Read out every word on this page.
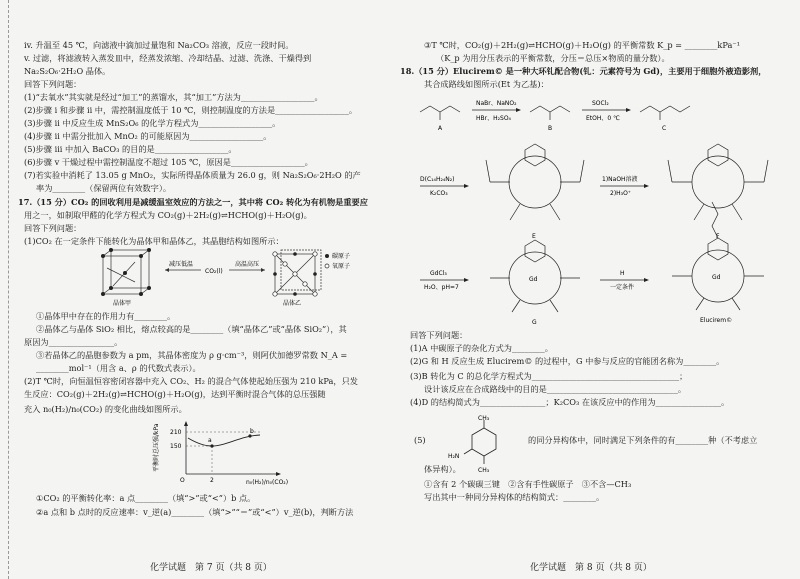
iv. 升温至 45 ℃，向滤液中滴加过量饱和 Na₂CO₃ 溶液，反应一段时间。
v. 过滤，将滤液转入蒸发皿中，经蒸发浓缩、冷却结晶、过滤、洗涤、干燥得到
Na₂S₂O₆·2H₂O 晶体。
回答下列问题：
(1)“去氧水”其实就是经过“加工”的蒸馏水，其“加工”方法为__________________。
(2)步骤 i 和步骤 ii 中，需控制温度低于 10 ℃，则控制温度的方法是__________________。
(3)步骤 ii 中反应生成 MnS₂O₆ 的化学方程式为__________________。
(4)步骤 ii 中需分批加入 MnO₂ 的可能原因为__________________。
(5)步骤 iii 中加入 BaCO₃ 的目的是__________________。
(6)步骤 v 干燥过程中需控制温度不超过 105 ℃，原因是__________________。
(7)若实验中消耗了 13.05 g MnO₂，实际所得晶体质量为 26.0 g，则 Na₂S₂O₆·2H₂O 的产
率为________（保留两位有效数字）。
17.（15 分）CO₂ 的回收利用是减缓温室效应的方法之一，其中将 CO₂ 转化为有机物是重要应
用之一，如制取甲醛的化学方程式为 CO₂(g)＋2H₂(g)⇌HCHO(g)＋H₂O(g)。
回答下列问题：
(1)CO₂ 在一定条件下能转化为晶体甲和晶体乙，其晶胞结构如图所示：
晶体甲
减压低温
CO₂(l)
高温高压
晶体乙
碳原子
氧原子
①晶体甲中存在的作用力有________。
②晶体乙与晶体 SiO₂ 相比，熔点较高的是________（填“晶体乙”或“晶体 SiO₂”），其
原因为________________。
③若晶体乙的晶胞参数为 a pm，其晶体密度为 ρ g·cm⁻³，则阿伏加德罗常数 N_A =
________mol⁻¹（用含 a、ρ 的代数式表示）。
(2)T ℃时，向恒温恒容密闭容器中充入 CO₂、H₂ 的混合气体使起始压强为 210 kPa，只发
生反应：CO₂(g)＋2H₂(g)⇌HCHO(g)＋H₂O(g)，达到平衡时混合气体的总压强随
充入 n₀(H₂)/n₀(CO₂) 的变化曲线如图所示。
a
b
210
150
O	2	n₀(H₂)/n₀(CO₂)
平衡时总压强/kPa
①CO₂ 的平衡转化率：a 点________（填“>”或“<”）b 点。
②a 点和 b 点时的反应速率：v_逆(a)________（填“>”“＝”或“<”）v_逆(b)，判断方法
化学试题　第 7 页（共 8 页）
③T ℃时，CO₂(g)＋2H₂(g)⇌HCHO(g)＋H₂O(g) 的平衡常数 K_p = ________kPa⁻¹
（K_p 为用分压表示的平衡常数，分压＝总压×物质的量分数）。
18.（15 分）Elucirem© 是一种大环钆配合物(钆：元素符号为 Gd)，主要用于细胞外液造影剂，
其合成路线如图所示(Et 为乙基)：
A
NaBr、NaNO₂
HBr、H₂SO₄
B
SOCl₂
EtOH、0 ℃
C
D(C₁₄H₂₄N₂)
K₂CO₃
E
1)NaOH溶液
2)H₃O⁺
F
GdCl₃
H₂O、pH=7
Gd
G
H
一定条件
Gd
Elucirem©
回答下列问题：
(1)A 中碳原子的杂化方式为________。
(2)G 和 H 反应生成 Elucirem© 的过程中，G 中参与反应的官能团名称为________。
(3)B 转化为 C 的总化学方程式为____________________________________；
设计该反应在合成路线中的目的是________________________________。
(4)D 的结构简式为________________；K₂CO₃ 在该反应中的作用为________________。
(5)
CH₃
CH₃
H₂N
的同分异构体中，同时满足下列条件的有________种（不考虑立
体异构）。
①含有 2 个碳碳三键　②含有手性碳原子　③不含—CH₃
写出其中一种同分异构体的结构简式：________。
化学试题　第 8 页（共 8 页）
